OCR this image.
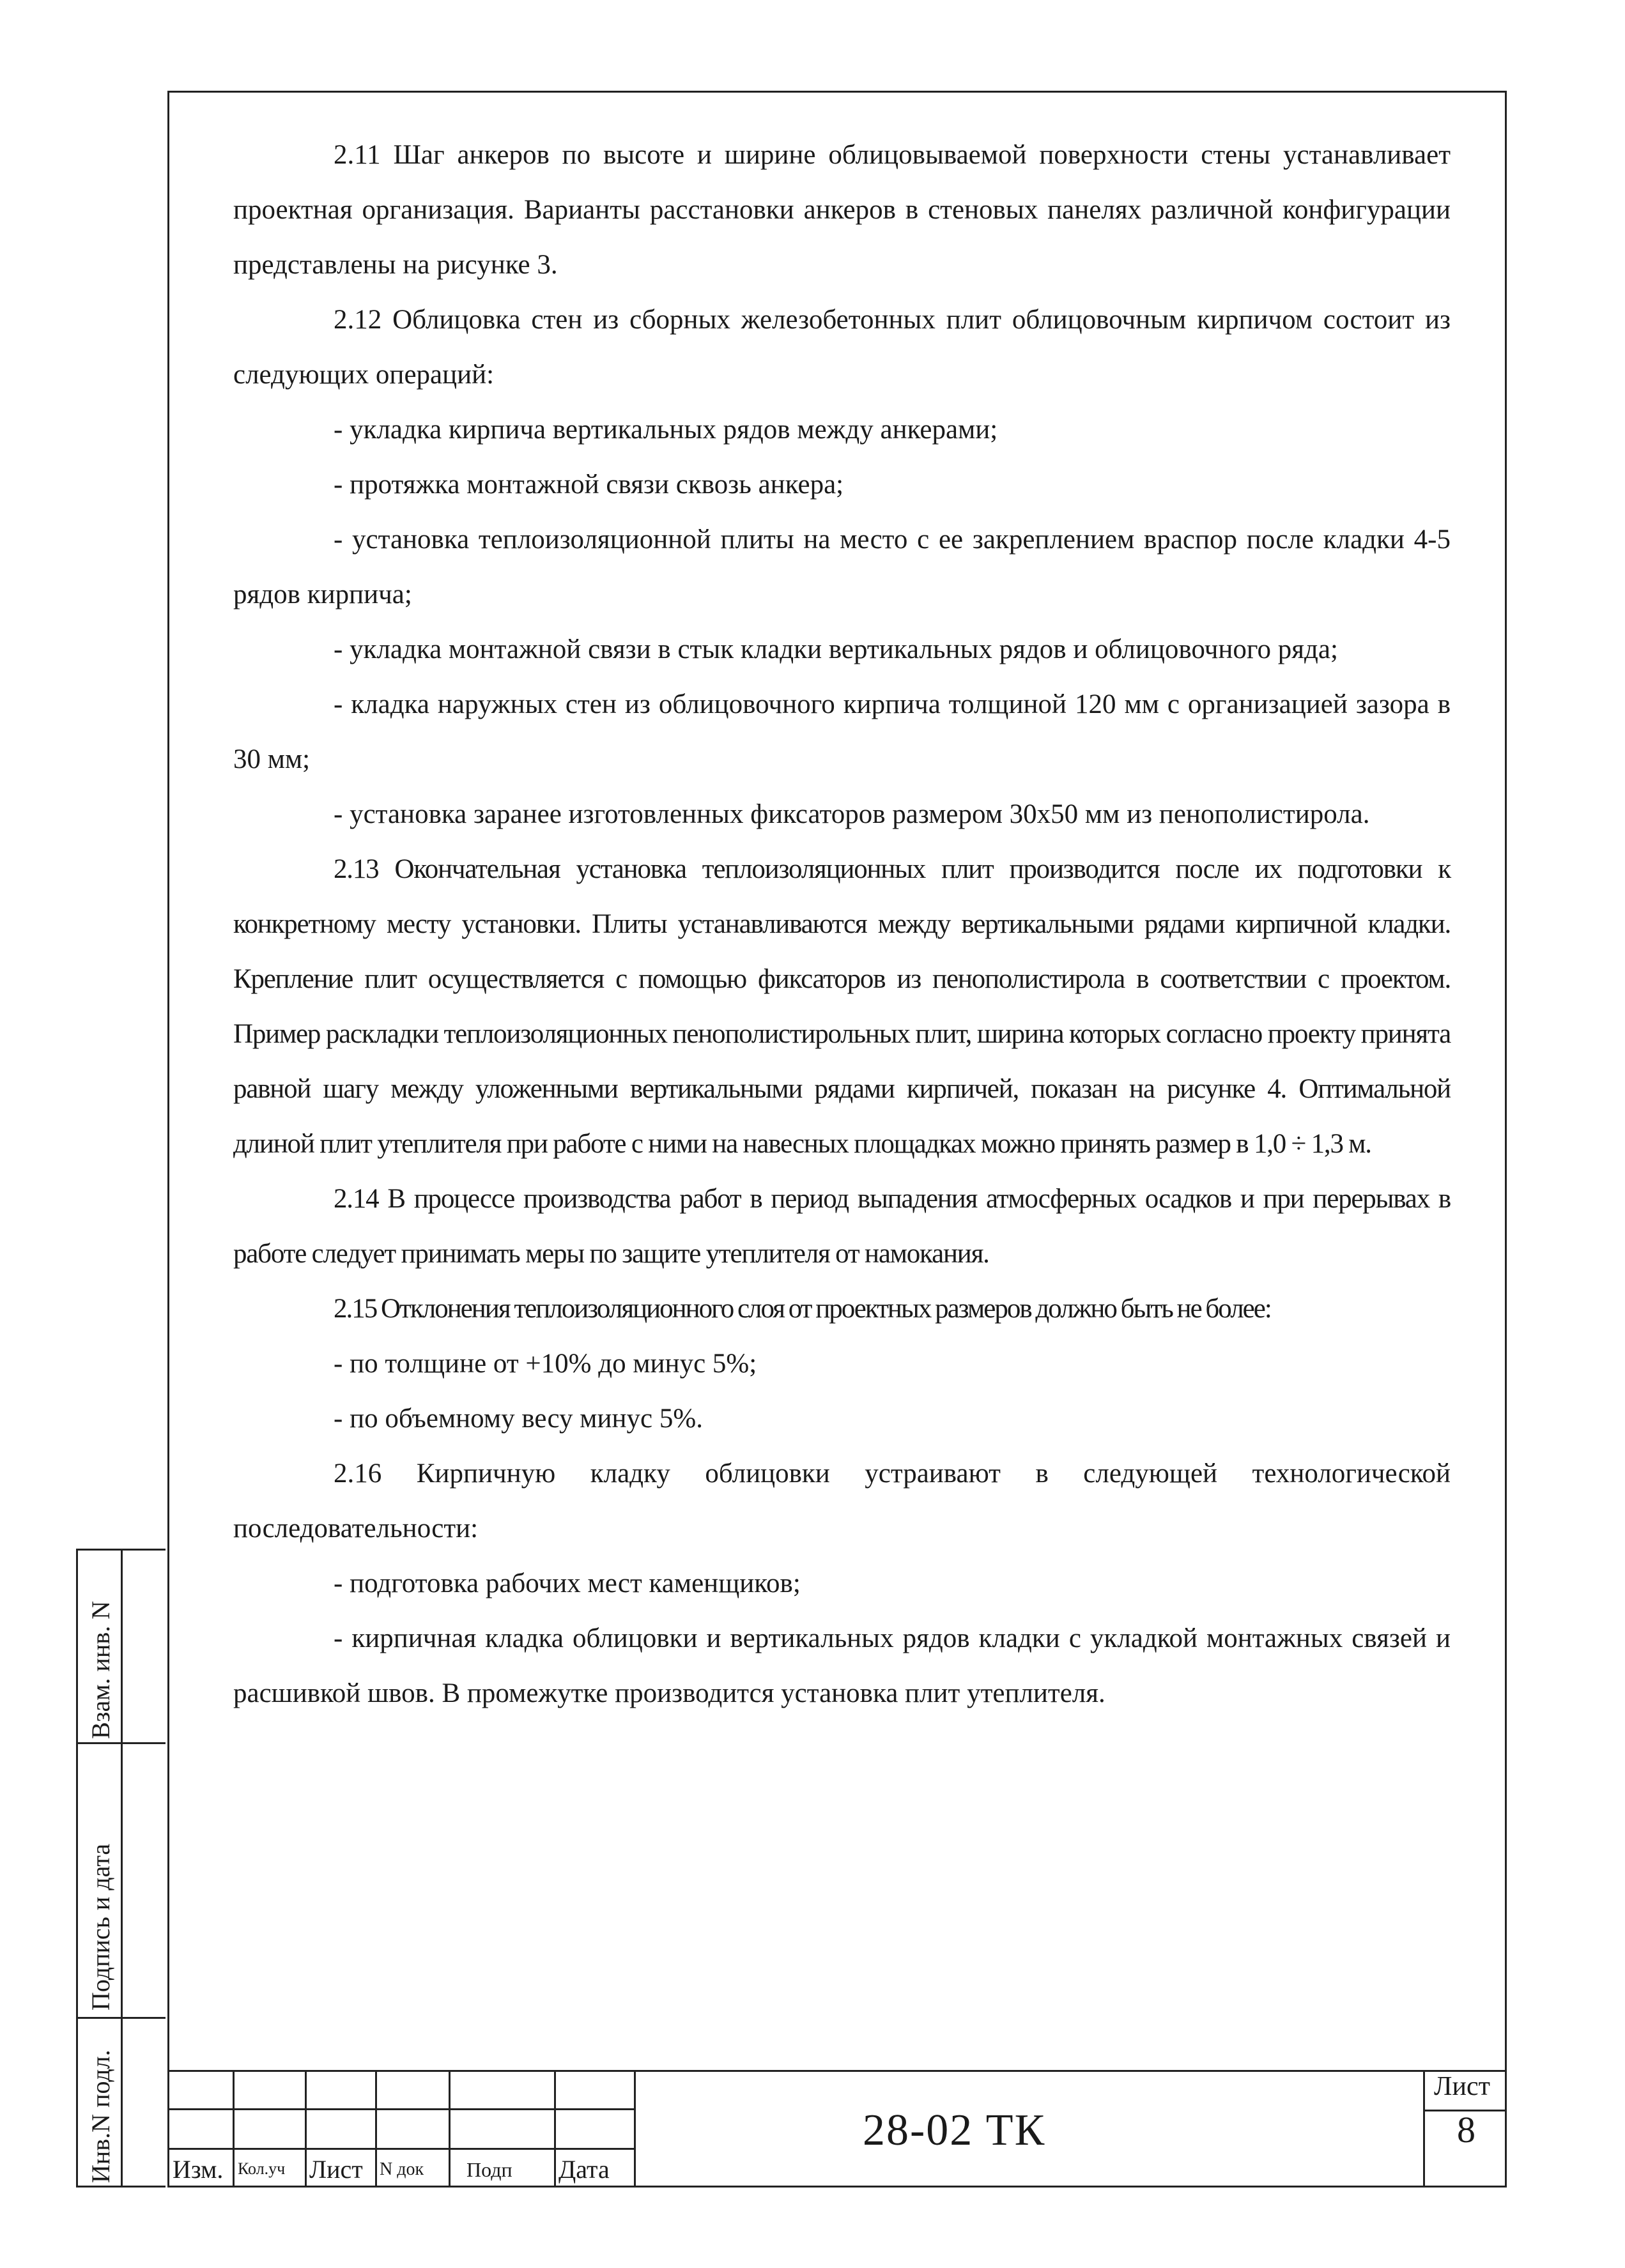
2.11 Шаг анкеров по высоте и ширине облицовываемой поверхности стены устанавливает проектная организация. Варианты расстановки анкеров в стеновых панелях различной конфигурации представлены на рисунке 3.

2.12 Облицовка стен из сборных железобетонных плит облицовочным кирпичом состоит из следующих операций:

- укладка кирпича вертикальных рядов между анкерами;

- протяжка монтажной связи сквозь анкера;

- установка теплоизоляционной плиты на место с ее закреплением враспор после кладки 4-5 рядов кирпича;

- укладка монтажной связи в стык кладки вертикальных рядов и облицовочного ряда;

- кладка наружных стен из облицовочного кирпича толщиной 120 мм с организацией зазора в 30 мм;

- установка заранее изготовленных фиксаторов размером 30х50 мм из пенополистирола.

2.13 Окончательная установка теплоизоляционных плит производится после их подготовки к конкретному месту установки. Плиты устанавливаются между вертикальными рядами кирпичной кладки. Крепление плит осуществляется с помощью фиксаторов из пенополистирола в соответствии с проектом. Пример раскладки теплоизоляционных пенополистирольных плит, ширина которых согласно проекту принята равной шагу между уложенными вертикальными рядами кирпичей, показан на рисунке 4. Оптимальной длиной плит утеплителя при работе с ними на навесных площадках можно принять размер в 1,0 ÷ 1,3 м.

2.14 В процессе производства работ в период выпадения атмосферных осадков и при перерывах в работе следует принимать меры по защите утеплителя от намокания.

2.15 Отклонения теплоизоляционного слоя от проектных размеров должно быть не более:

- по толщине от +10% до минус 5%;

- по объемному весу минус 5%.

2.16 Кирпичную кладку облицовки устраивают в следующей технологической последовательности:

- подготовка рабочих мест каменщиков;

- кирпичная кладка облицовки и вертикальных рядов кладки с укладкой монтажных связей и расшивкой швов. В промежутке производится установка плит утеплителя.

Инв.N подл.
Подпись и дата
Взам. инв. N
Изм. Кол.уч Лист N док Подп Дата
28-02 ТК
Лист
8
